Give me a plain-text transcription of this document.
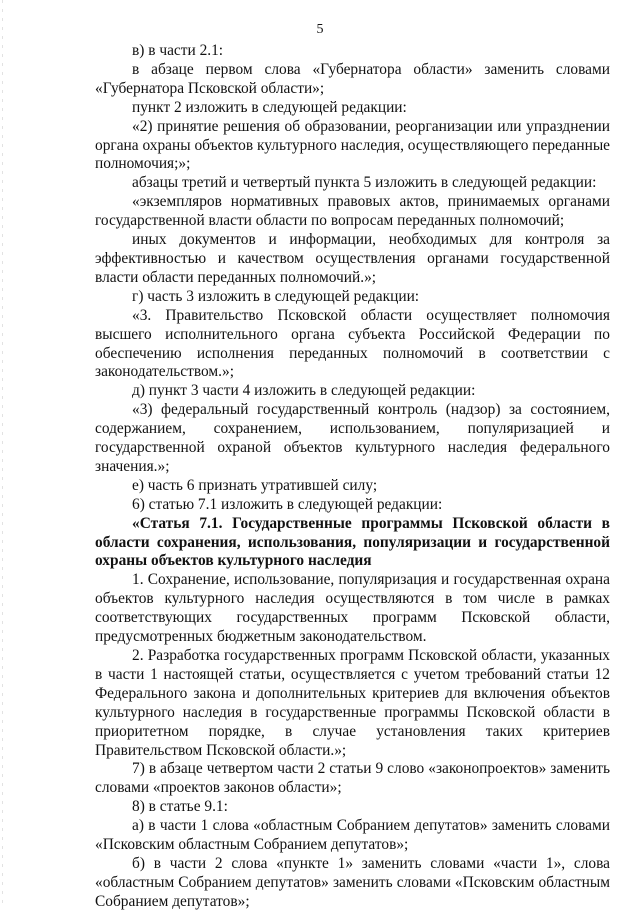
5

в) в части 2.1:

в абзаце первом слова «Губернатора области» заменить словами «Губернатора Псковской области»;

пункт 2 изложить в следующей редакции:

«2) принятие решения об образовании, реорганизации или упразднении органа охраны объектов культурного наследия, осуществляющего переданные полномочия;»;

абзацы третий и четвертый пункта 5 изложить в следующей редакции:

«экземпляров нормативных правовых актов, принимаемых органами государственной власти области по вопросам переданных полномочий;

иных документов и информации, необходимых для контроля за эффективностью и качеством осуществления органами государственной власти области переданных полномочий.»;

г) часть 3 изложить в следующей редакции:

«3. Правительство Псковской области осуществляет полномочия высшего исполнительного органа субъекта Российской Федерации по обеспечению исполнения переданных полномочий в соответствии с законодательством.»;

д) пункт 3 части 4 изложить в следующей редакции:

«3) федеральный государственный контроль (надзор) за состоянием, содержанием, сохранением, использованием, популяризацией и государственной охраной объектов культурного наследия федерального значения.»;

е) часть 6 признать утратившей силу;

6) статью 7.1 изложить в следующей редакции:

«Статья 7.1. Государственные программы Псковской области в области сохранения, использования, популяризации и государственной охраны объектов культурного наследия

1. Сохранение, использование, популяризация и государственная охрана объектов культурного наследия осуществляются в том числе в рамках соответствующих государственных программ Псковской области, предусмотренных бюджетным законодательством.

2. Разработка государственных программ Псковской области, указанных в части 1 настоящей статьи, осуществляется с учетом требований статьи 12 Федерального закона и дополнительных критериев для включения объектов культурного наследия в государственные программы Псковской области в приоритетном порядке, в случае установления таких критериев Правительством Псковской области.»;

7) в абзаце четвертом части 2 статьи 9 слово «законопроектов» заменить словами «проектов законов области»;

8) в статье 9.1:

а) в части 1 слова «областным Собранием депутатов» заменить словами «Псковским областным Собранием депутатов»;

б) в части 2 слова «пункте 1» заменить словами «части 1», слова «областным Собранием депутатов» заменить словами «Псковским областным Собранием депутатов»;
